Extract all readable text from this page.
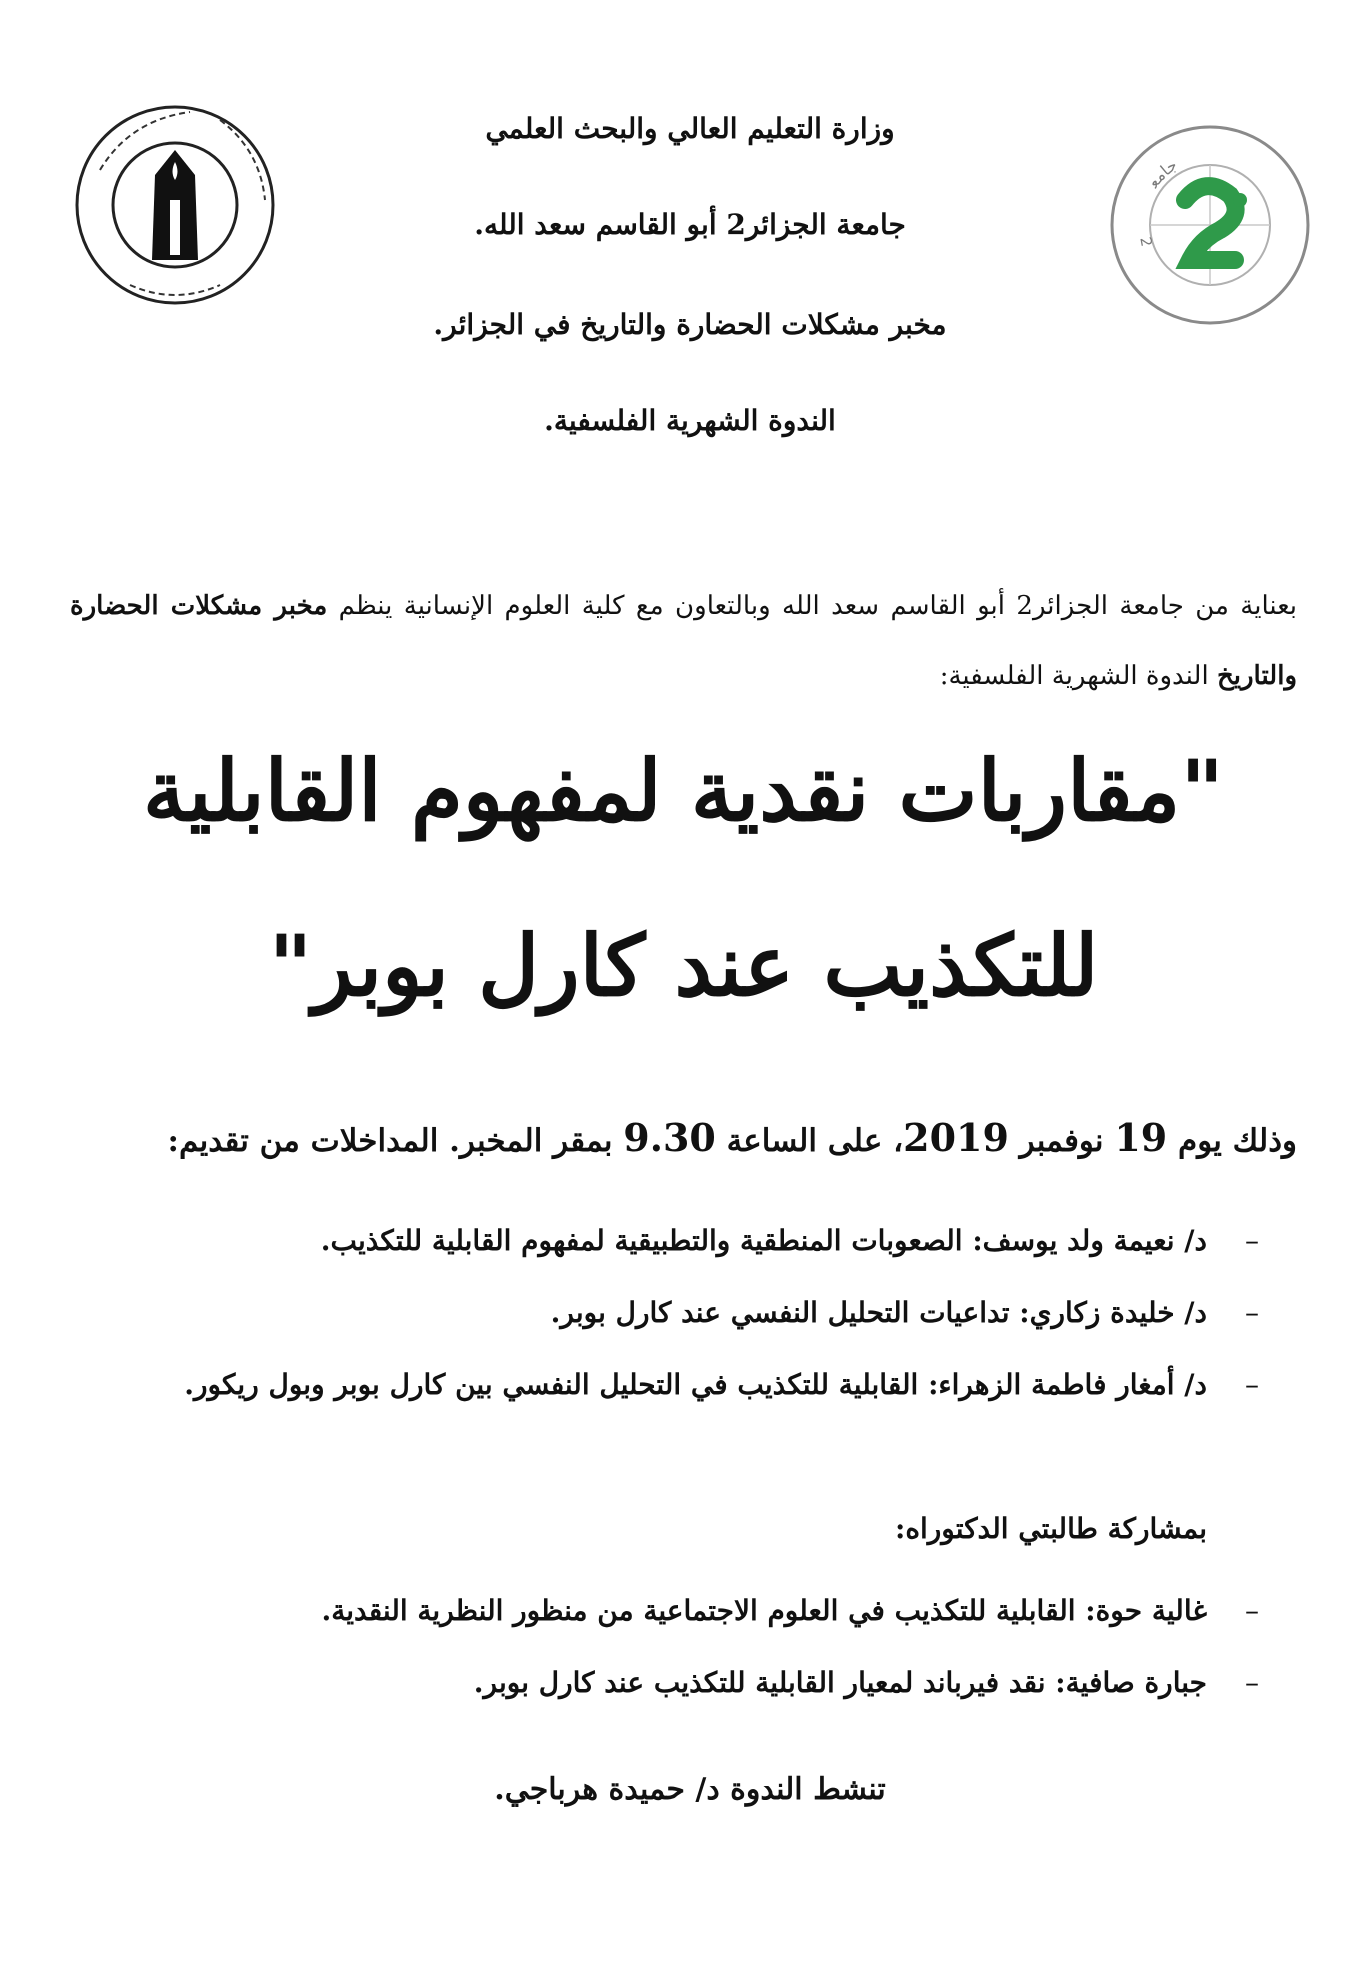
2
جامع
وزارة التعليم العالي والبحث العلمي
جامعة الجزائر2 أبو القاسم سعد الله.
مخبر مشكلات الحضارة والتاريخ في الجزائر.
الندوة الشهرية الفلسفية.

بعناية من جامعة الجزائر2 أبو القاسم سعد الله وبالتعاون مع كلية العلوم الإنسانية ينظم مخبر مشكلات الحضارة والتاريخ الندوة الشهرية الفلسفية:

"مقاربات نقدية لمفهوم القابلية
للتكذيب عند كارل بوبر"
وذلك يوم 19 نوفمبر 2019، على الساعة 9.30 بمقر المخبر. المداخلات من تقديم:
–
د/ نعيمة ولد يوسف: الصعوبات المنطقية والتطبيقية لمفهوم القابلية للتكذيب.
–
د/ خليدة زكاري: تداعيات التحليل النفسي عند كارل بوبر.
–
د/ أمغار فاطمة الزهراء: القابلية للتكذيب في التحليل النفسي بين كارل بوبر وبول ريكور.
بمشاركة طالبتي الدكتوراه:
–
غالية حوة: القابلية للتكذيب في العلوم الاجتماعية من منظور النظرية النقدية.
–
جبارة صافية: نقد فيرباند لمعيار القابلية للتكذيب عند كارل بوبر.
تنشط الندوة د/ حميدة هرباجي.
